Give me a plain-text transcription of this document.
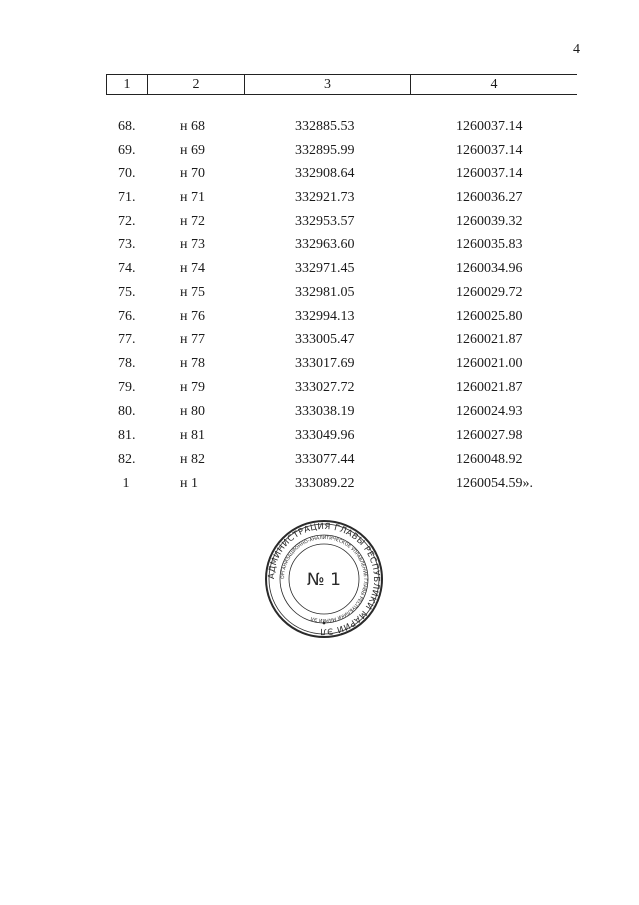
4
1	2	3	4
68.	н 68	332885.53	1260037.14
69.	н 69	332895.99	1260037.14
70.	н 70	332908.64	1260037.14
71.	н 71	332921.73	1260036.27
72.	н 72	332953.57	1260039.32
73.	н 73	332963.60	1260035.83
74.	н 74	332971.45	1260034.96
75.	н 75	332981.05	1260029.72
76.	н 76	332994.13	1260025.80
77.	н 77	333005.47	1260021.87
78.	н 78	333017.69	1260021.00
79.	н 79	333027.72	1260021.87
80.	н 80	333038.19	1260024.93
81.	н 81	333049.96	1260027.98
82.	н 82	333077.44	1260048.92
1	н 1	333089.22	1260054.59».
АДМИНИСТРАЦИЯ ГЛАВЫ РЕСПУБЛИКИ МАРИЙ ЭЛ
ОРГАНИЗАЦИОННО-АНАЛИТИЧЕСКОЕ УПРАВЛЕНИЕ ГЛАВЫ РЕСПУБЛИКИ МАРИЙ ЭЛ
№ 1
